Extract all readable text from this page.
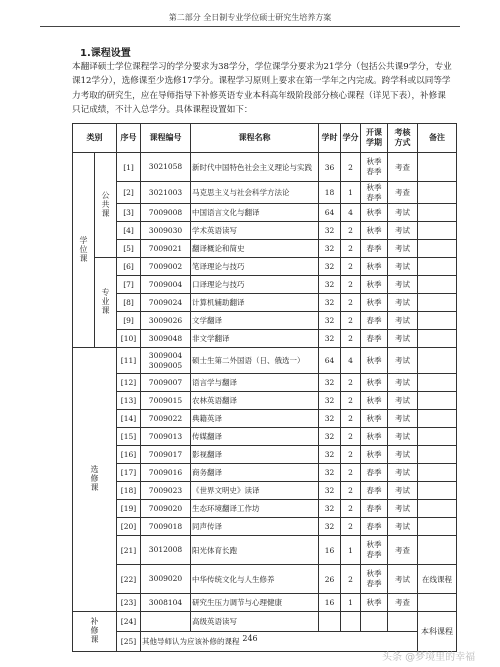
第二部分 全日制专业学位硕士研究生培养方案
1.课程设置
本翻译硕士学位课程学习的学分要求为38学分，学位课学分要求为21学分（包括公共课9学分，专业课12学分），选修课至少选修17学分。课程学习原则上要求在第一学年之内完成。跨学科或以同等学力考取的研究生，应在导师指导下补修英语专业本科高年级阶段部分核心课程（详见下表），补修课只记成绩，不计入总学分。具体课程设置如下：
类别		序号	课程编号	课程名称	学时	学分	开课
学期	考核
方式	备注
学位课	公共课	[1]	3021058	新时代中国特色社会主义理论与实践	36	2	秋季
春季	考查	
		[2]	3021003	马克思主义与社会科学方法论	18	1	秋季
春季	考查	
		[3]	7009008	中国语言文化与翻译	64	4	秋季	考试	
		[4]	3009030	学术英语读写	32	2	秋季	考试	
		[5]	7009021	翻译概论和简史	32	2	春季	考试	
	专业课	[6]	7009002	笔译理论与技巧	32	2	秋季	考试	
		[7]	7009004	口译理论与技巧	32	2	秋季	考试	
		[8]	7009024	计算机辅助翻译	32	2	秋季	考试	
		[9]	3009026	文学翻译	32	2	春季	考试	
		[10]	3009048	非文学翻译	32	2	春季	考试	
选修课		[11]	3009004
3009005	硕士生第二外国语（日、俄选一）	64	4	秋季	考试	
		[12]	7009007	语言学与翻译	32	2	秋季	考试	
		[13]	7009015	农林英语翻译	32	2	秋季	考试	
		[14]	7009022	典籍英译	32	2	秋季	考试	
		[15]	7009013	传媒翻译	32	2	秋季	考试	
		[16]	7009017	影视翻译	32	2	秋季	考试	
		[17]	7009016	商务翻译	32	2	春季	考试	
		[18]	7009023	《世界文明史》读译	32	2	春季	考试	
		[19]	7009020	生态环境翻译工作坊	32	2	春季	考试	
		[20]	7009018	同声传译	32	2	春季	考试	
		[21]	3012008	阳光体育长跑	16	1	秋季
春季	考查	
		[22]	3009020	中华传统文化与人生修养	26	2	秋季
春季	考试	在线课程
		[23]	3008104	研究生压力调节与心理健康	16	1	秋季	考查	
补修课		[24]		高级英语读写					本科课程
		[25]	其他导师认为应该补修的课程						246
头条 @梦境里的幸福
